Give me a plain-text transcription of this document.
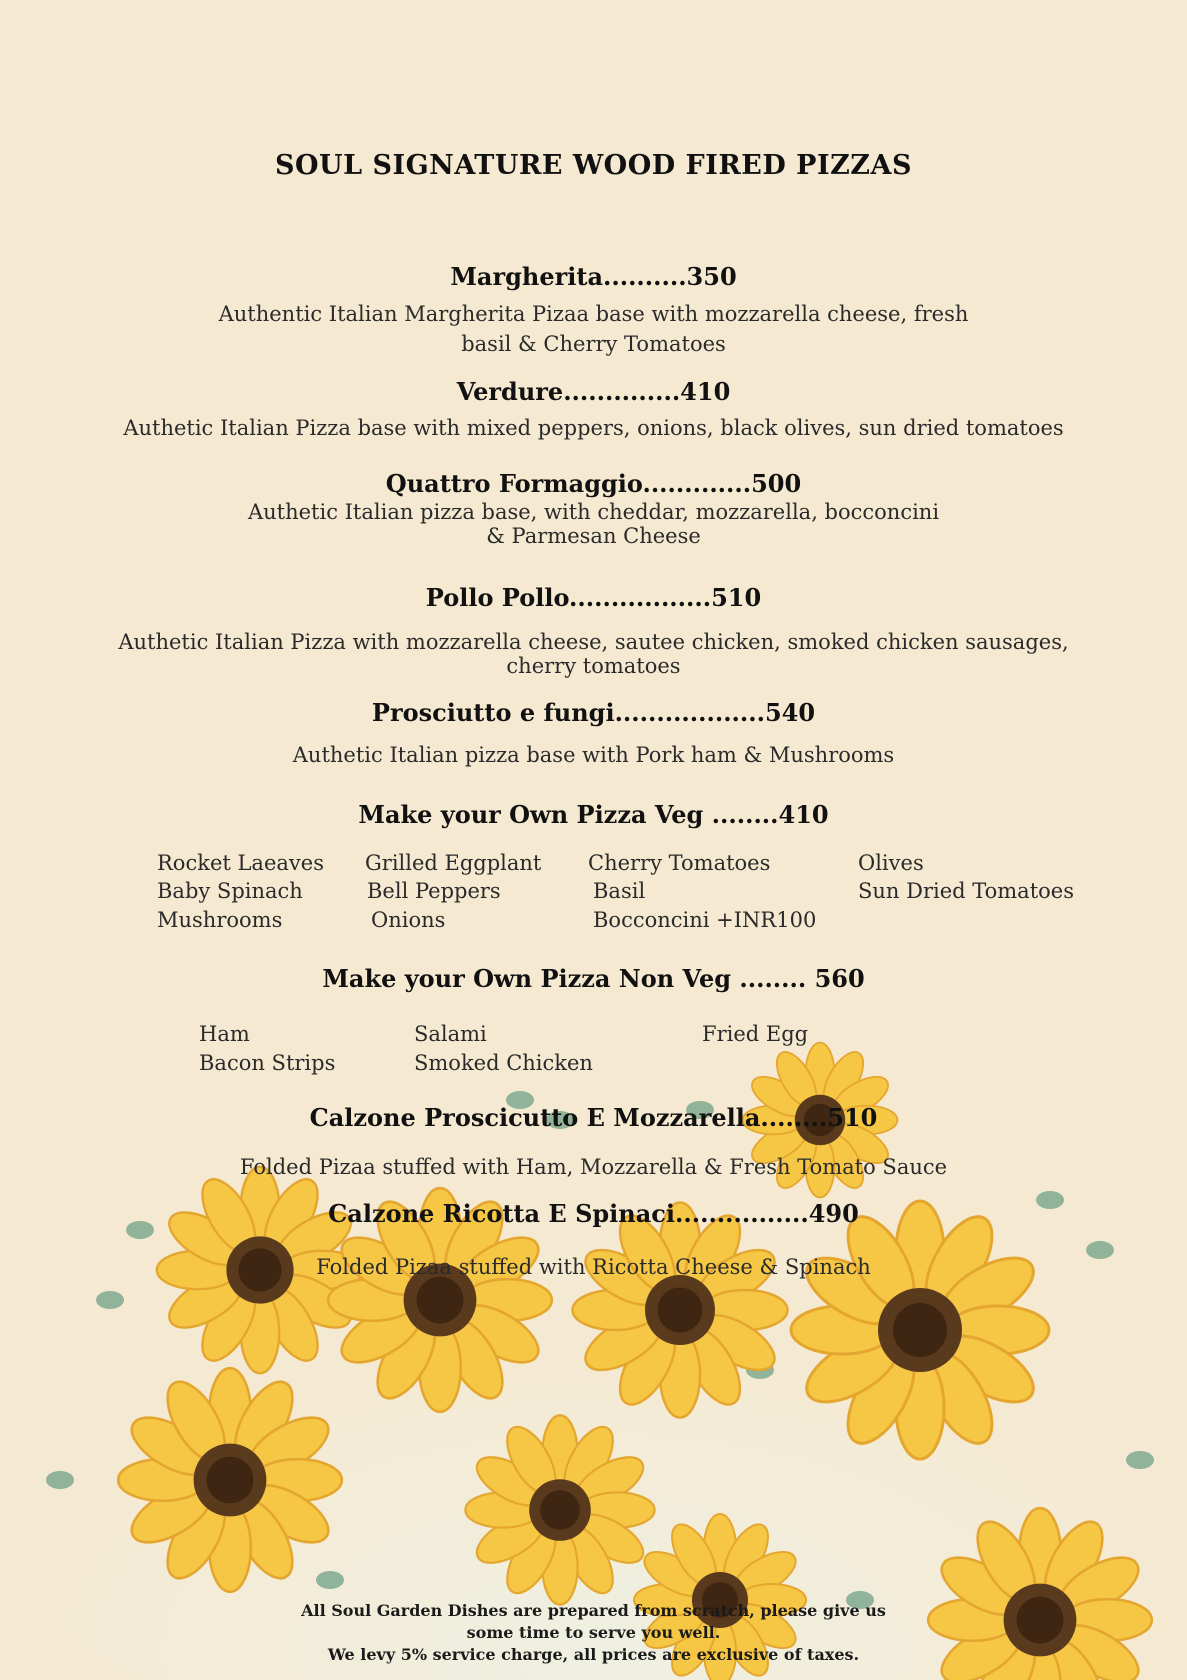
SOUL SIGNATURE WOOD FIRED PIZZAS
Margherita..........350
Authentic Italian Margherita Pizaa base with mozzarella cheese, fresh
basil & Cherry Tomatoes
Verdure..............410
Authetic Italian Pizza base with mixed peppers, onions, black olives, sun dried tomatoes
Quattro Formaggio.............500
Authetic Italian pizza base, with cheddar, mozzarella, bocconcini
& Parmesan Cheese
Pollo Pollo.................510
Authetic Italian Pizza with mozzarella cheese, sautee chicken, smoked chicken sausages,
cherry tomatoes
Prosciutto e fungi..................540
Authetic Italian pizza base with Pork ham & Mushrooms
Make your Own Pizza Veg ........410
Rocket Laeaves
Baby Spinach
Mushrooms
Grilled Eggplant
Bell Peppers
Onions
Cherry Tomatoes
Basil
Bocconcini +INR100
Olives
Sun Dried Tomatoes
Make your Own Pizza Non Veg ........ 560
Ham
Bacon Strips
Salami
Smoked Chicken
Fried Egg
Calzone Proscicutto E Mozzarella........510
Folded Pizaa stuffed with Ham, Mozzarella & Fresh Tomato Sauce
Calzone Ricotta E Spinaci................490
Folded Pizaa stuffed with Ricotta Cheese & Spinach
All Soul Garden Dishes are prepared from scratch, please give us
some time to serve you well.
We levy 5% service charge, all prices are exclusive of taxes.
